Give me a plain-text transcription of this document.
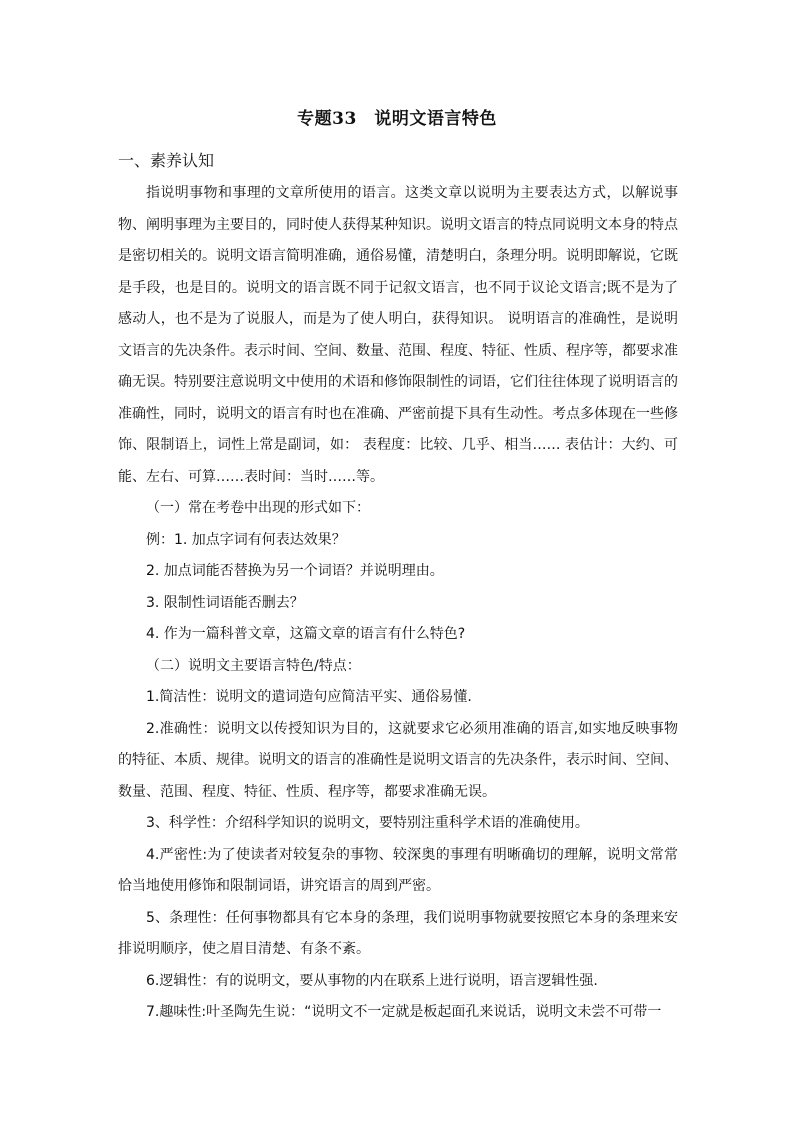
专题33　说明文语言特色
一、素养认知

指说明事物和事理的文章所使用的语言。这类文章以说明为主要表达方式，以解说事物、阐明事理为主要目的，同时使人获得某种知识。说明文语言的特点同说明文本身的特点是密切相关的。说明文语言简明准确，通俗易懂，清楚明白，条理分明。说明即解说，它既是手段，也是目的。说明文的语言既不同于记叙文语言，也不同于议论文语言;既不是为了感动人，也不是为了说服人，而是为了使人明白，获得知识。 说明语言的准确性，是说明文语言的先决条件。表示时间、空间、数量、范围、程度、特征、性质、程序等，都要求准确无误。特别要注意说明文中使用的术语和修饰限制性的词语，它们往往体现了说明语言的准确性，同时，说明文的语言有时也在准确、严密前提下具有生动性。考点多体现在一些修饰、限制语上，词性上常是副词，如： 表程度：比较、几乎、相当…… 表估计：大约、可能、左右、可算……表时间：当时……等。

（一）常在考卷中出现的形式如下：

例：1. 加点字词有何表达效果？

2. 加点词能否替换为另一个词语？并说明理由。

3. 限制性词语能否删去？

4. 作为一篇科普文章，这篇文章的语言有什么特色?

（二）说明文主要语言特色/特点：

1.简洁性：说明文的遣词造句应简洁平实、通俗易懂.

2.准确性：说明文以传授知识为目的，这就要求它必须用准确的语言,如实地反映事物的特征、本质、规律。说明文的语言的准确性是说明文语言的先决条件，表示时间、空间、数量、范围、程度、特征、性质、程序等，都要求准确无误。

3、科学性：介绍科学知识的说明文，要特别注重科学术语的准确使用。

4.严密性:为了使读者对较复杂的事物、较深奥的事理有明晰确切的理解，说明文常常恰当地使用修饰和限制词语，讲究语言的周到严密。

5、条理性：任何事物都具有它本身的条理，我们说明事物就要按照它本身的条理来安排说明顺序，使之眉目清楚、有条不紊。

6.逻辑性：有的说明文，要从事物的内在联系上进行说明，语言逻辑性强.

7.趣味性:叶圣陶先生说：“说明文不一定就是板起面孔来说话，说明文未尝不可带一
